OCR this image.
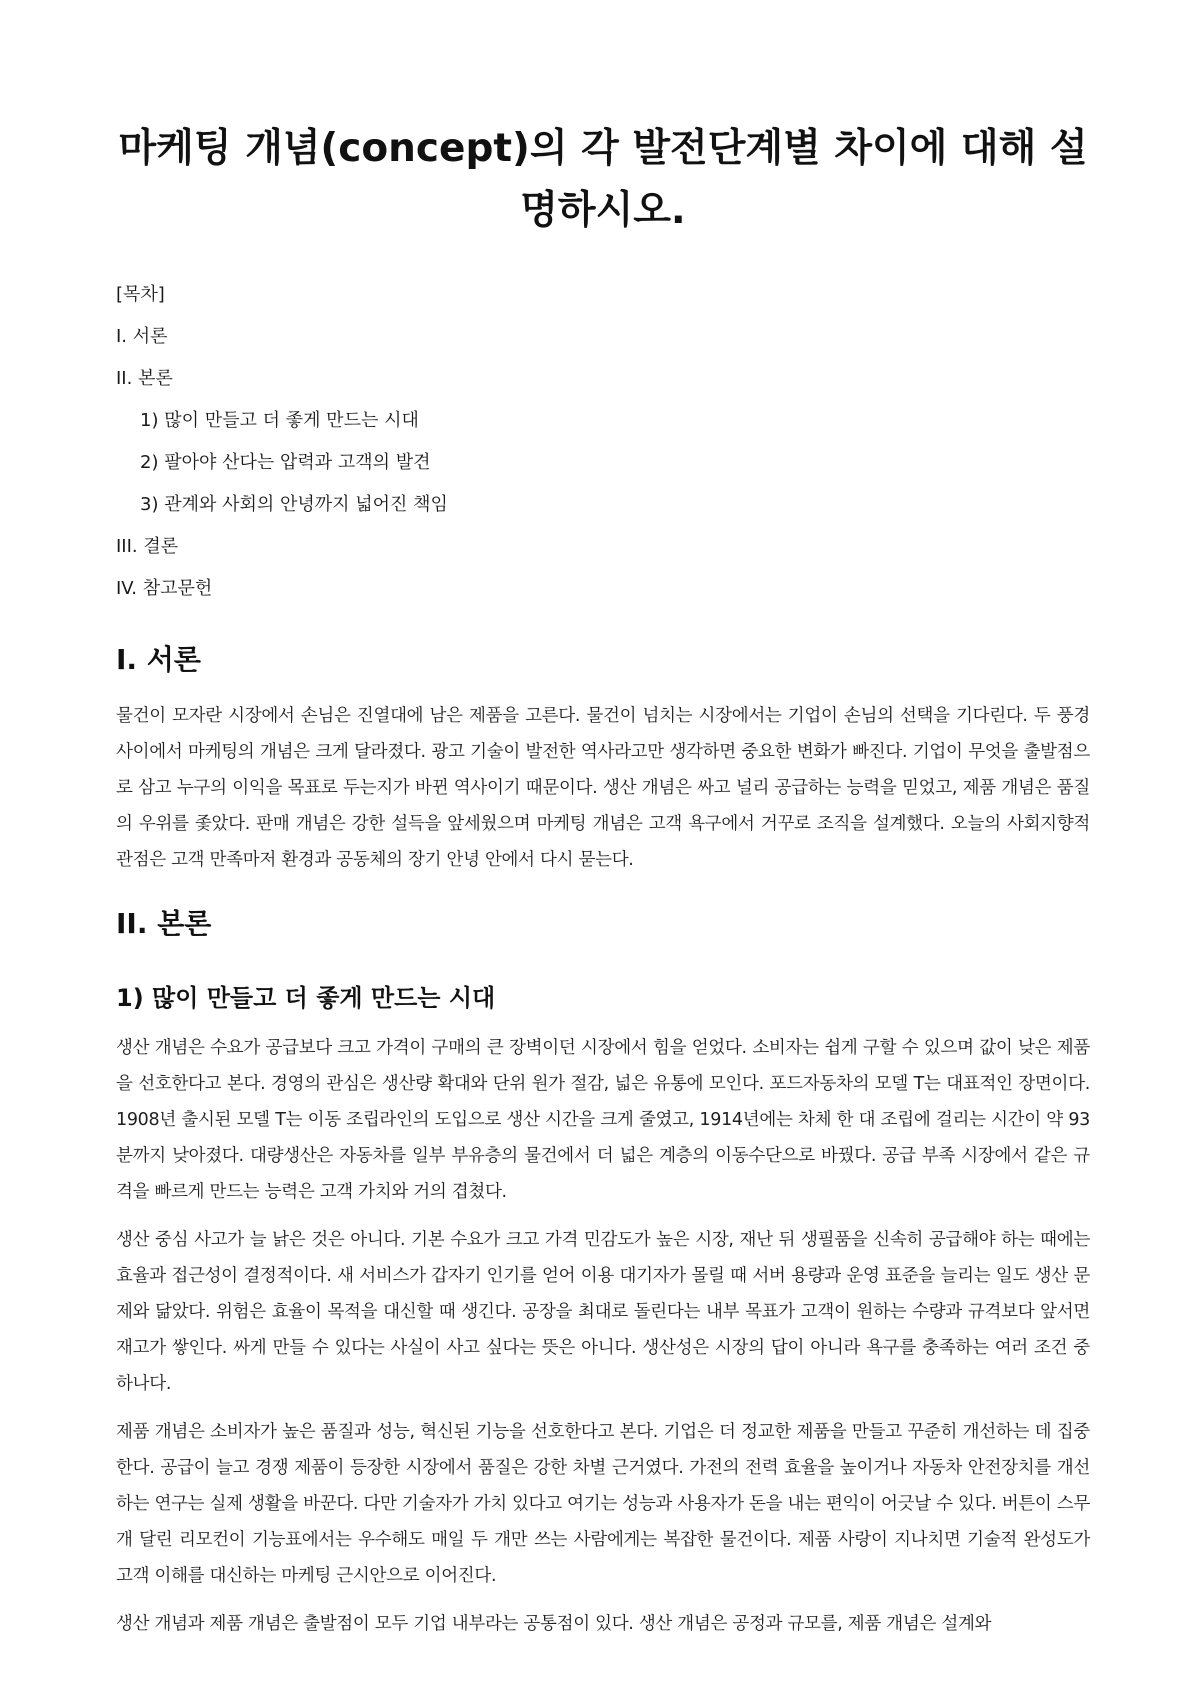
마케팅 개념(concept)의 각 발전단계별 차이에 대해 설명하시오.
[목차]
I. 서론
II. 본론
1) 많이 만들고 더 좋게 만드는 시대
2) 팔아야 산다는 압력과 고객의 발견
3) 관계와 사회의 안녕까지 넓어진 책임
III. 결론
IV. 참고문헌
I. 서론

물건이 모자란 시장에서 손님은 진열대에 남은 제품을 고른다. 물건이 넘치는 시장에서는 기업이 손님의 선택을 기다린다. 두 풍경 사이에서 마케팅의 개념은 크게 달라졌다. 광고 기술이 발전한 역사라고만 생각하면 중요한 변화가 빠진다. 기업이 무엇을 출발점으로 삼고 누구의 이익을 목표로 두는지가 바뀐 역사이기 때문이다. 생산 개념은 싸고 널리 공급하는 능력을 믿었고, 제품 개념은 품질의 우위를 좇았다. 판매 개념은 강한 설득을 앞세웠으며 마케팅 개념은 고객 욕구에서 거꾸로 조직을 설계했다. 오늘의 사회지향적 관점은 고객 만족마저 환경과 공동체의 장기 안녕 안에서 다시 묻는다.

II. 본론
1) 많이 만들고 더 좋게 만드는 시대

생산 개념은 수요가 공급보다 크고 가격이 구매의 큰 장벽이던 시장에서 힘을 얻었다. 소비자는 쉽게 구할 수 있으며 값이 낮은 제품을 선호한다고 본다. 경영의 관심은 생산량 확대와 단위 원가 절감, 넓은 유통에 모인다. 포드자동차의 모델 T는 대표적인 장면이다. 1908년 출시된 모델 T는 이동 조립라인의 도입으로 생산 시간을 크게 줄였고, 1914년에는 차체 한 대 조립에 걸리는 시간이 약 93분까지 낮아졌다. 대량생산은 자동차를 일부 부유층의 물건에서 더 넓은 계층의 이동수단으로 바꿨다. 공급 부족 시장에서 같은 규격을 빠르게 만드는 능력은 고객 가치와 거의 겹쳤다.

생산 중심 사고가 늘 낡은 것은 아니다. 기본 수요가 크고 가격 민감도가 높은 시장, 재난 뒤 생필품을 신속히 공급해야 하는 때에는 효율과 접근성이 결정적이다. 새 서비스가 갑자기 인기를 얻어 이용 대기자가 몰릴 때 서버 용량과 운영 표준을 늘리는 일도 생산 문제와 닮았다. 위험은 효율이 목적을 대신할 때 생긴다. 공장을 최대로 돌린다는 내부 목표가 고객이 원하는 수량과 규격보다 앞서면 재고가 쌓인다. 싸게 만들 수 있다는 사실이 사고 싶다는 뜻은 아니다. 생산성은 시장의 답이 아니라 욕구를 충족하는 여러 조건 중 하나다.

제품 개념은 소비자가 높은 품질과 성능, 혁신된 기능을 선호한다고 본다. 기업은 더 정교한 제품을 만들고 꾸준히 개선하는 데 집중한다. 공급이 늘고 경쟁 제품이 등장한 시장에서 품질은 강한 차별 근거였다. 가전의 전력 효율을 높이거나 자동차 안전장치를 개선하는 연구는 실제 생활을 바꾼다. 다만 기술자가 가치 있다고 여기는 성능과 사용자가 돈을 내는 편익이 어긋날 수 있다. 버튼이 스무 개 달린 리모컨이 기능표에서는 우수해도 매일 두 개만 쓰는 사람에게는 복잡한 물건이다. 제품 사랑이 지나치면 기술적 완성도가 고객 이해를 대신하는 마케팅 근시안으로 이어진다.

생산 개념과 제품 개념은 출발점이 모두 기업 내부라는 공통점이 있다. 생산 개념은 공정과 규모를, 제품 개념은 설계와
